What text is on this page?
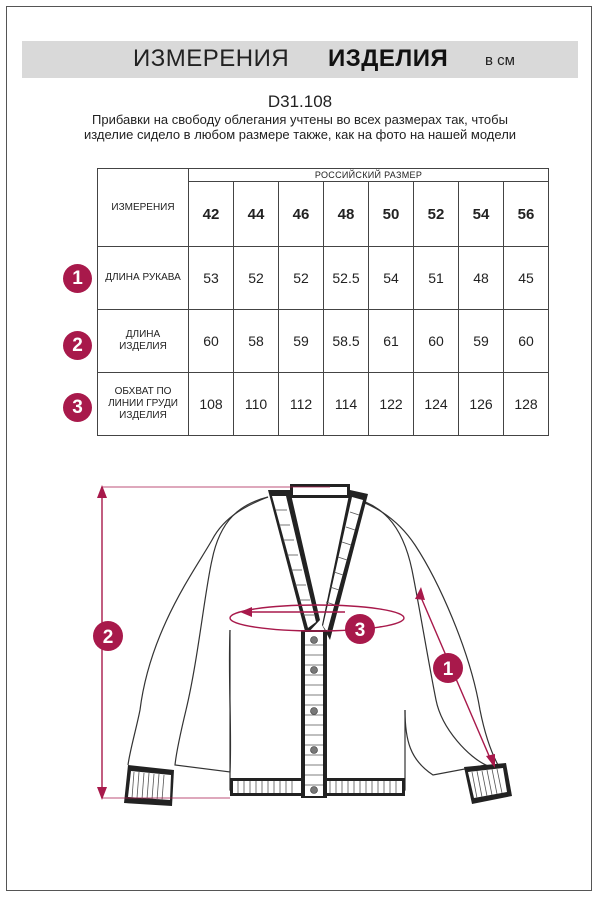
ИЗМЕРЕНИЯ ИЗДЕЛИЯ в см
D31.108
Прибавки на свободу облегания учтены во всех размерах так, чтобы изделие сидело в любом размере также, как на фото на нашей модели
ИЗМЕРЕНИЯ	РОССИЙСКИЙ РАЗМЕР							
	42	44	46	48	50	52	54	56
ДЛИНА РУКАВА	53	52	52	52.5	54	51	48	45
ДЛИНА ИЗДЕЛИЯ	60	58	59	58.5	61	60	59	60
ОБХВАТ ПО ЛИНИИ ГРУДИ ИЗДЕЛИЯ	108	110	112	114	122	124	126	128
1
2
3
2	3
1
